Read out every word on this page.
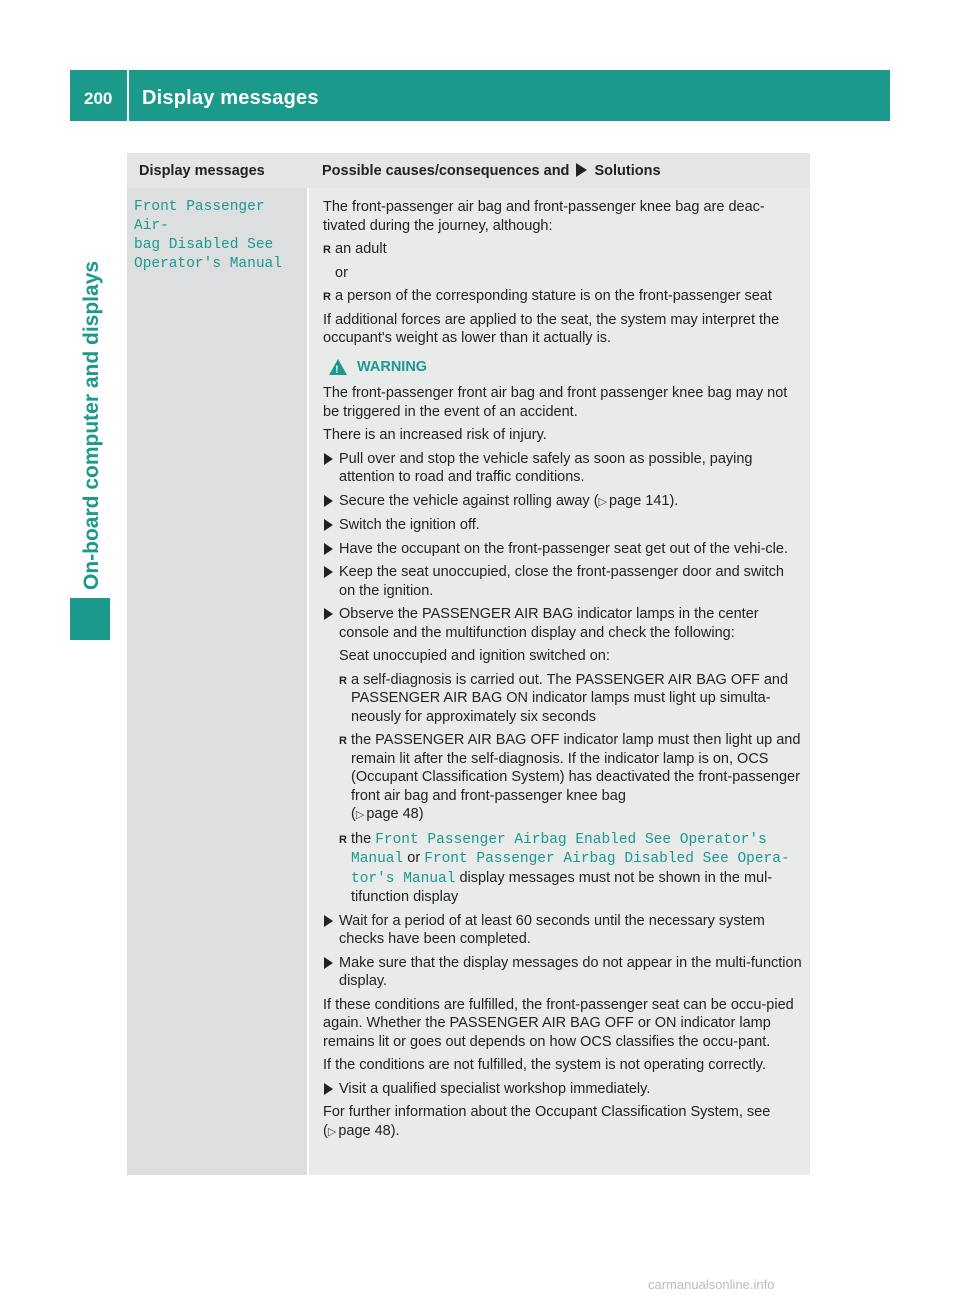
200 Display messages
On-board computer and displays
Display messages	Possible causes/consequences and Solutions
Front Passenger Air‐
bag Disabled See
Operator's Manual

The front-passenger air bag and front-passenger knee bag are deac-tivated during the journey, although:

R an adult
or
R a person of the corresponding stature is on the front-passenger seat

If additional forces are applied to the seat, the system may interpret the occupant's weight as lower than it actually is.

!
WARNING

The front-passenger front air bag and front passenger knee bag may not be triggered in the event of an accident.

There is an increased risk of injury.

Pull over and stop the vehicle safely as soon as possible, paying attention to road and traffic conditions.
Secure the vehicle against rolling away (▷ page 141).
Switch the ignition off.
Have the occupant on the front-passenger seat get out of the vehi-cle.
Keep the seat unoccupied, close the front-passenger door and switch on the ignition.
Observe the PASSENGER AIR BAG indicator lamps in the center console and the multifunction display and check the following:

Seat unoccupied and ignition switched on:

R a self-diagnosis is carried out. The PASSENGER AIR BAG OFF and PASSENGER AIR BAG ON indicator lamps must light up simulta-neously for approximately six seconds
R the PASSENGER AIR BAG OFF indicator lamp must then light up and remain lit after the self-diagnosis. If the indicator lamp is on, OCS (Occupant Classification System) has deactivated the front-passenger front air bag and front-passenger knee bag
(▷ page 48)
R the Front Passenger Airbag Enabled See Operator's Manual or Front Passenger Airbag Disabled See Opera‐tor's Manual display messages must not be shown in the mul-tifunction display
Wait for a period of at least 60 seconds until the necessary system checks have been completed.
Make sure that the display messages do not appear in the multi-function display.

If these conditions are fulfilled, the front-passenger seat can be occu-pied again. Whether the PASSENGER AIR BAG OFF or ON indicator lamp remains lit or goes out depends on how OCS classifies the occu-pant.

If the conditions are not fulfilled, the system is not operating correctly.

Visit a qualified specialist workshop immediately.

For further information about the Occupant Classification System, see (▷ page 48).

carmanualsonline.info
